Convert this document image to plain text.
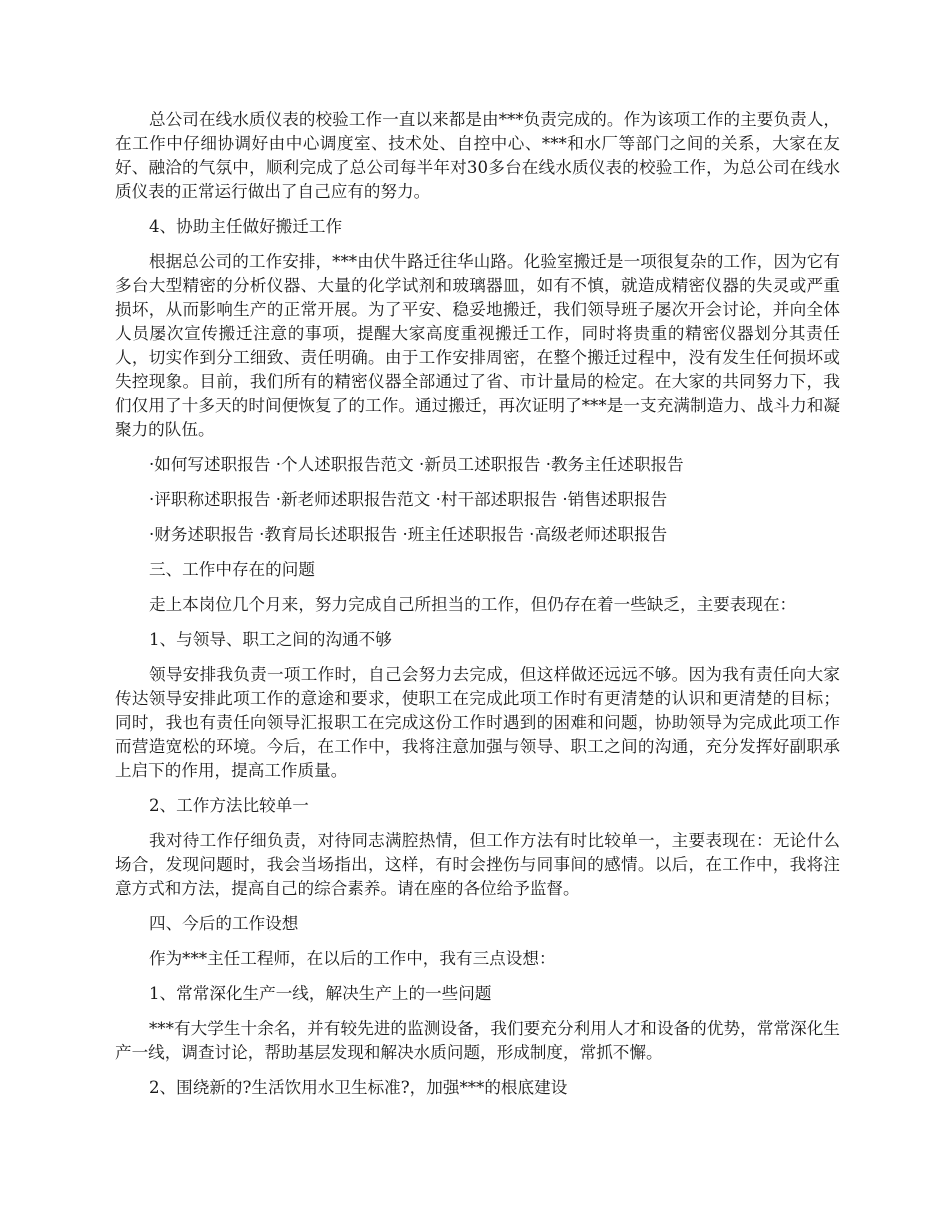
总公司在线水质仪表的校验工作一直以来都是由***负责完成的。作为该项工作的主要负责人，在工作中仔细协调好由中心调度室、技术处、自控中心、***和水厂等部门之间的关系，大家在友好、融洽的气氛中，顺利完成了总公司每半年对30多台在线水质仪表的校验工作，为总公司在线水质仪表的正常运行做出了自己应有的努力。

4、协助主任做好搬迁工作

根据总公司的工作安排，***由伏牛路迁往华山路。化验室搬迁是一项很复杂的工作，因为它有多台大型精密的分析仪器、大量的化学试剂和玻璃器皿，如有不慎，就造成精密仪器的失灵或严重损坏，从而影响生产的正常开展。为了平安、稳妥地搬迁，我们领导班子屡次开会讨论，并向全体人员屡次宣传搬迁注意的事项，提醒大家高度重视搬迁工作，同时将贵重的精密仪器划分其责任人，切实作到分工细致、责任明确。由于工作安排周密，在整个搬迁过程中，没有发生任何损坏或失控现象。目前，我们所有的精密仪器全部通过了省、市计量局的检定。在大家的共同努力下，我们仅用了十多天的时间便恢复了的工作。通过搬迁，再次证明了***是一支充满制造力、战斗力和凝聚力的队伍。

·如何写述职报告 ·个人述职报告范文 ·新员工述职报告 ·教务主任述职报告

·评职称述职报告 ·新老师述职报告范文 ·村干部述职报告 ·销售述职报告

·财务述职报告 ·教育局长述职报告 ·班主任述职报告 ·高级老师述职报告

三、工作中存在的问题

走上本岗位几个月来，努力完成自己所担当的工作，但仍存在着一些缺乏，主要表现在：

1、与领导、职工之间的沟通不够

领导安排我负责一项工作时，自己会努力去完成，但这样做还远远不够。因为我有责任向大家传达领导安排此项工作的意途和要求，使职工在完成此项工作时有更清楚的认识和更清楚的目标；同时，我也有责任向领导汇报职工在完成这份工作时遇到的困难和问题，协助领导为完成此项工作而营造宽松的环境。今后，在工作中，我将注意加强与领导、职工之间的沟通，充分发挥好副职承上启下的作用，提高工作质量。

2、工作方法比较单一

我对待工作仔细负责，对待同志满腔热情，但工作方法有时比较单一，主要表现在：无论什么场合，发现问题时，我会当场指出，这样，有时会挫伤与同事间的感情。以后，在工作中，我将注意方式和方法，提高自己的综合素养。请在座的各位给予监督。

四、今后的工作设想

作为***主任工程师，在以后的工作中，我有三点设想：

1、常常深化生产一线，解决生产上的一些问题

***有大学生十余名，并有较先进的监测设备，我们要充分利用人才和设备的优势，常常深化生产一线，调查讨论，帮助基层发现和解决水质问题，形成制度，常抓不懈。

2、围绕新的?生活饮用水卫生标准?，加强***的根底建设
